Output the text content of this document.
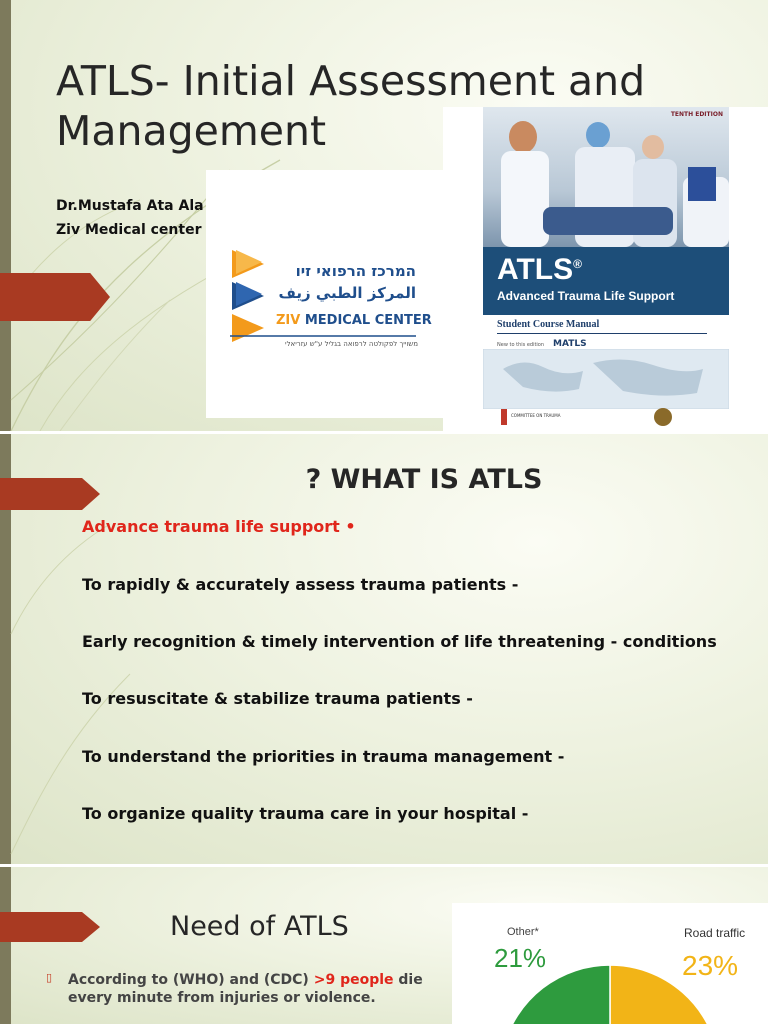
ATLS- Initial Assessment and Management
Dr.Mustafa Ata Ala
Ziv Medical center
המרכז הרפואי זיו
المركز الطبي زيف
ZIV MEDICAL CENTER
משוייך לפקולטה לרפואה בגליל ע"ש עזריאלי
TENTH EDITION
ATLS®
Advanced Trauma Life Support
Student Course Manual
New to this edition MATLS
COMMITTEE ON TRAUMA
? WHAT IS ATLS
Advance trauma life support •
To rapidly & accurately assess trauma patients -
Early recognition & timely intervention of life threatening - conditions
To resuscitate & stabilize trauma patients -
To understand the priorities in trauma management -
To organize quality trauma care in your hospital -
Need of ATLS
▯ According to (WHO) and (CDC) >9 people die every minute from injuries or violence.
Other*
21%
Road traffic
23%
